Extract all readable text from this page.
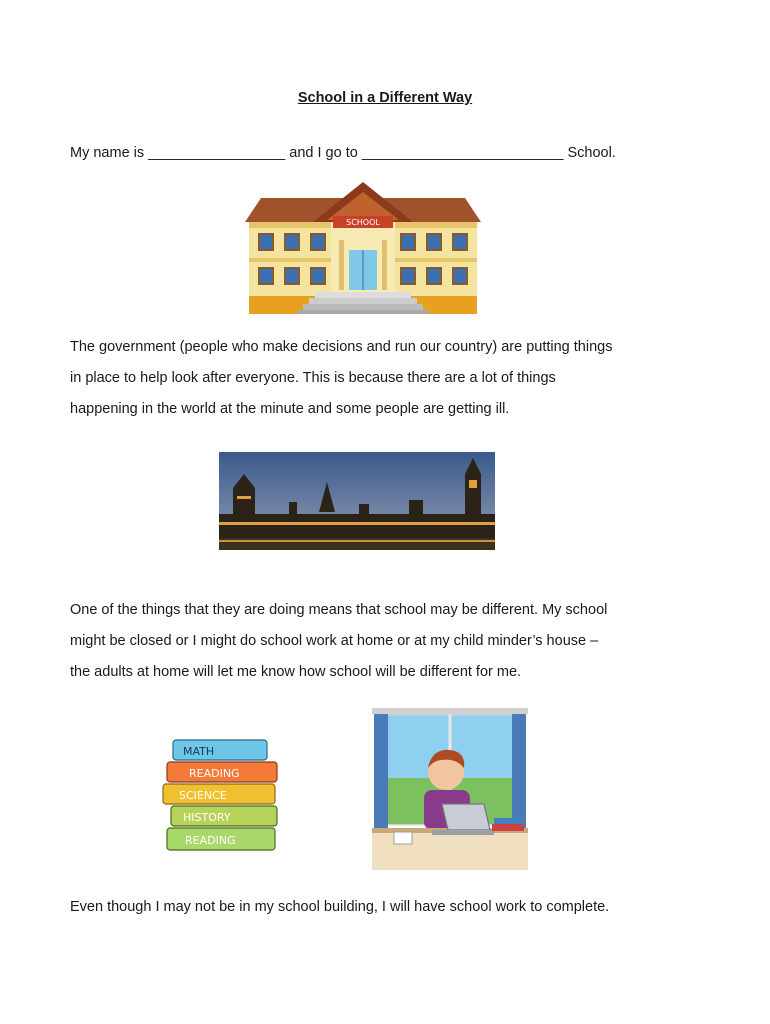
School in a Different Way
My name is _________________ and I go to _________________________ School.
SCHOOL
The government (people who make decisions and run our country) are putting things
in place to help look after everyone. This is because there are a lot of things
happening in the world at the minute and some people are getting ill.
One of the things that they are doing means that school may be different. My school
might be closed or I might do school work at home or at my child minder’s house –
the adults at home will let me know how school will be different for me.
MATH
READING
SCIENCE
HISTORY
READING
Even though I may not be in my school building, I will have school work to complete.
